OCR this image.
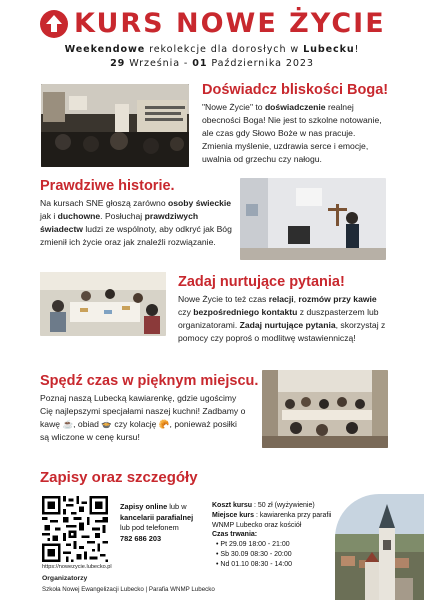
KURS NOWE ŻYCIE
Weekendowe rekolekcje dla dorosłych w Lubecku!
29 Września - 01 Października 2023
Doświadcz bliskości Boga!
"Nowe Życie" to doświadczenie realnej obecności Boga! Nie jest to szkolne notowanie, ale czas gdy Słowo Boże w nas pracuje. Zmienia myślenie, uzdrawia serce i emocje, uwalnia od grzechu czy nałogu.
Prawdziwe historie.
Na kursach SNE głoszą zarówno osoby świeckie jak i duchowne. Posłuchaj prawdziwych świadectw ludzi ze wspólnoty, aby odkryć jak Bóg zmienił ich życie oraz jak znaleźli rozwiązanie.
Zadaj nurtujące pytania!
Nowe Życie to też czas relacji, rozmów przy kawie czy bezpośredniego kontaktu z duszpasterzem lub organizatorami. Zadaj nurtujące pytania, skorzystaj z pomocy czy poproś o modlitwę wstawienniczą!
Spędź czas w pięknym miejscu.
Poznaj naszą Lubecką kawiarenkę, gdzie ugościmy Cię najlepszymi specjałami naszej kuchni! Zadbamy o kawę ☕, obiad 🍲 czy kolację 🥐, ponieważ posiłki są wliczone w cenę kursu!
Zapisy oraz szczegóły
https://nowezycie.lubecko.pl
Zapisy online lub w
kancelarii parafialnej
lub pod telefonem
782 686 203
Koszt kursu : 50 zł (wyżywienie)
Miejsce kurs : kawiarenka przy parafii
WNMP Lubecko oraz kościół
Czas trwania:
• Pt 29.09 18:00 - 21:00
• Sb 30.09 08:30 - 20:00
• Nd 01.10 08:30 - 14:00
Organizatorzy
Szkoła Nowej Ewangelizacji Lubecko | Parafia WNMP Lubecko
